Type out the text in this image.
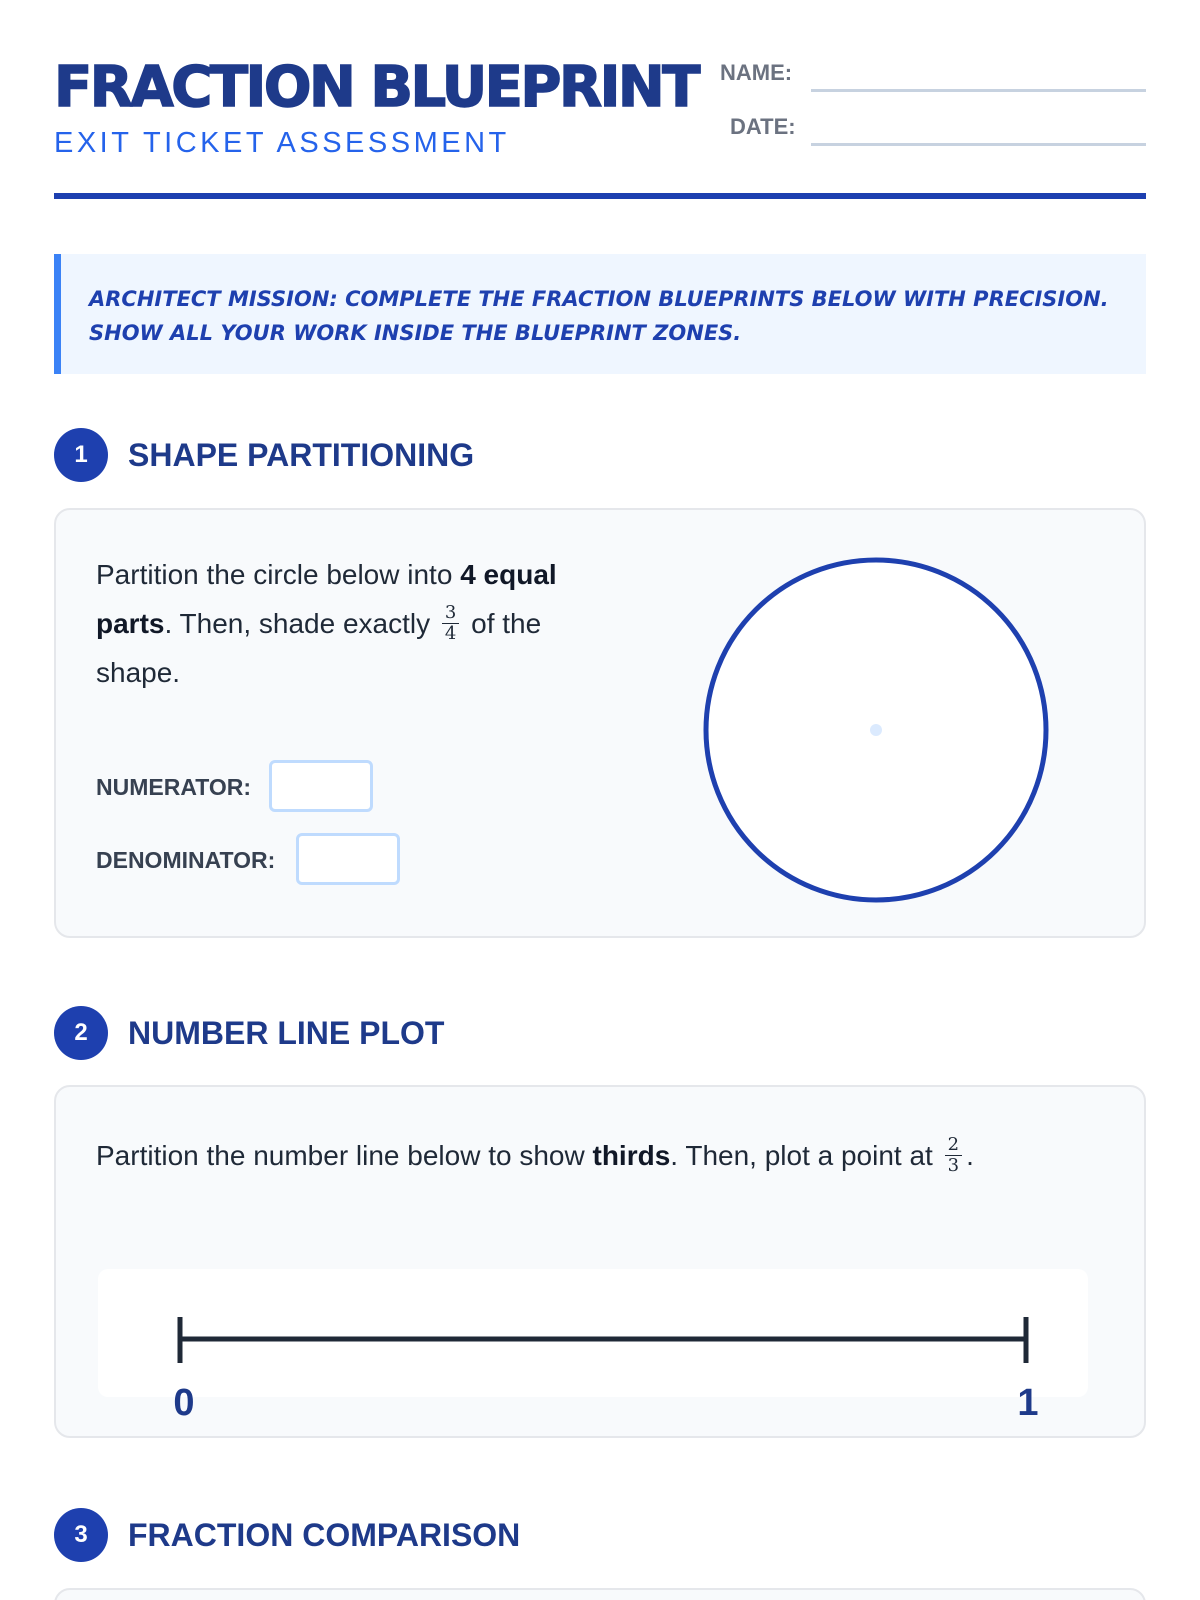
FRACTION BLUEPRINT
EXIT TICKET ASSESSMENT
NAME:
DATE:
ARCHITECT MISSION: COMPLETE THE FRACTION BLUEPRINTS BELOW WITH PRECISION. SHOW ALL YOUR WORK INSIDE THE BLUEPRINT ZONES.
1	SHAPE PARTITIONING
Partition the circle below into 4 equal parts. Then, shade exactly $\frac{3}{4}$ of the shape.
NUMERATOR:
DENOMINATOR:
2	NUMBER LINE PLOT
Partition the number line below to show thirds. Then, plot a point at $\frac{2}{3}$ .
0	1
3	FRACTION COMPARISON
